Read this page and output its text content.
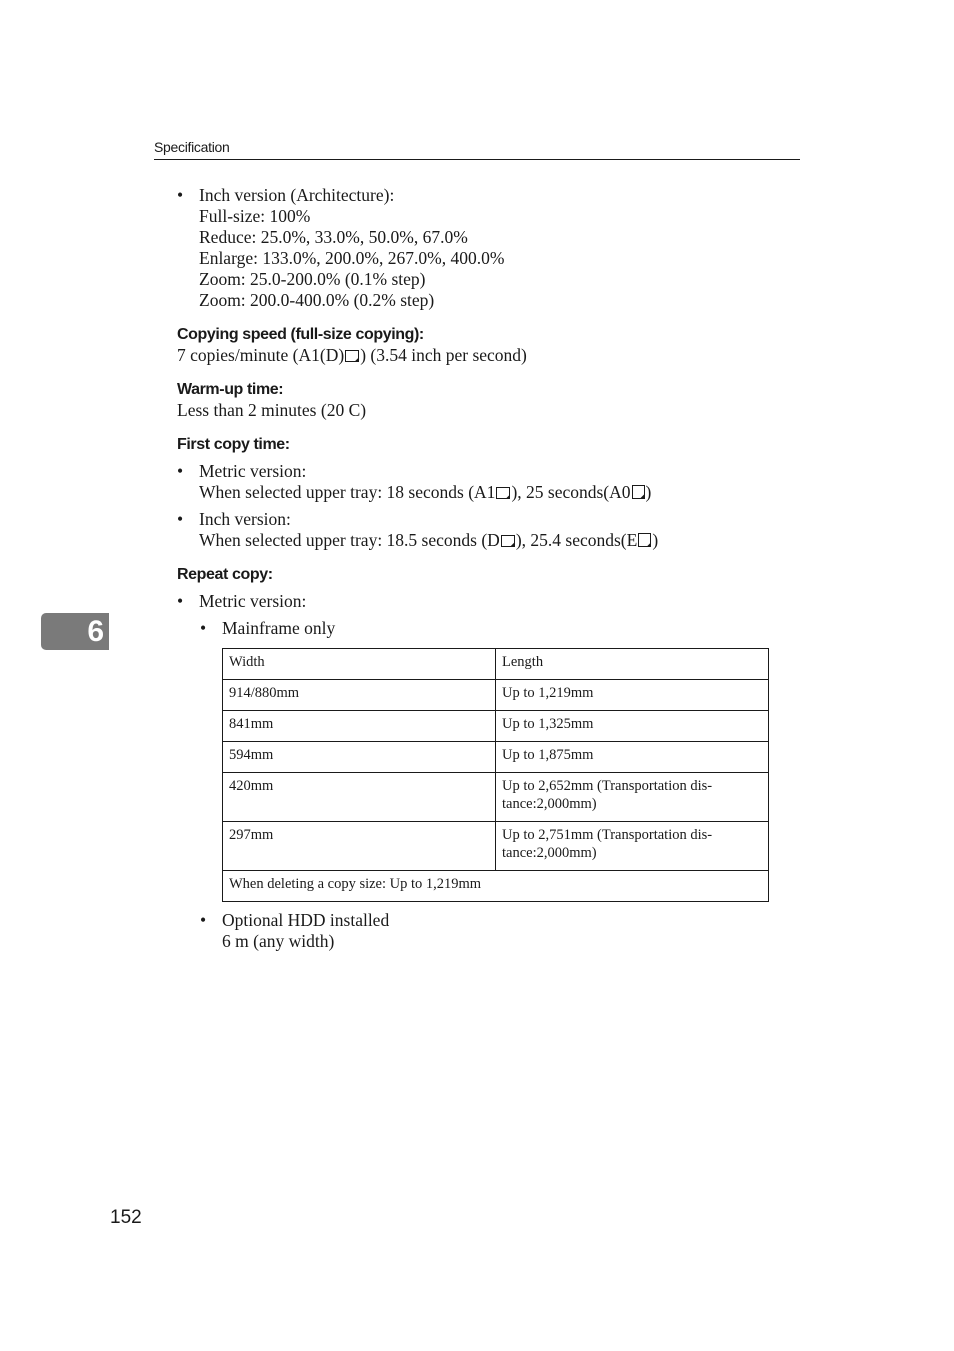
Specification
6
• Inch version (Architecture):
Full-size: 100%
Reduce: 25.0%, 33.0%, 50.0%, 67.0%
Enlarge: 133.0%, 200.0%, 267.0%, 400.0%
Zoom: 25.0-200.0% (0.1% step)
Zoom: 200.0-400.0% (0.2% step)
Copying speed (full-size copying):
7 copies/minute (A1(D) ) (3.54 inch per second)
Warm-up time:
Less than 2 minutes (20 C)
First copy time:
• Metric version:
When selected upper tray: 18 seconds (A1 ), 25 seconds(A0 )
• Inch version:
When selected upper tray: 18.5 seconds (D ), 25.4 seconds(E )
Repeat copy:
• Metric version:
• Mainframe only
Width	Length
914/880mm	Up to 1,219mm
841mm	Up to 1,325mm
594mm	Up to 1,875mm
420mm	Up to 2,652mm (Transportation dis-
tance:2,000mm)

297mm	Up to 2,751mm (Transportation dis-
tance:2,000mm)

When deleting a copy size: Up to 1,219mm	
• Optional HDD installed
6 m (any width)
152
